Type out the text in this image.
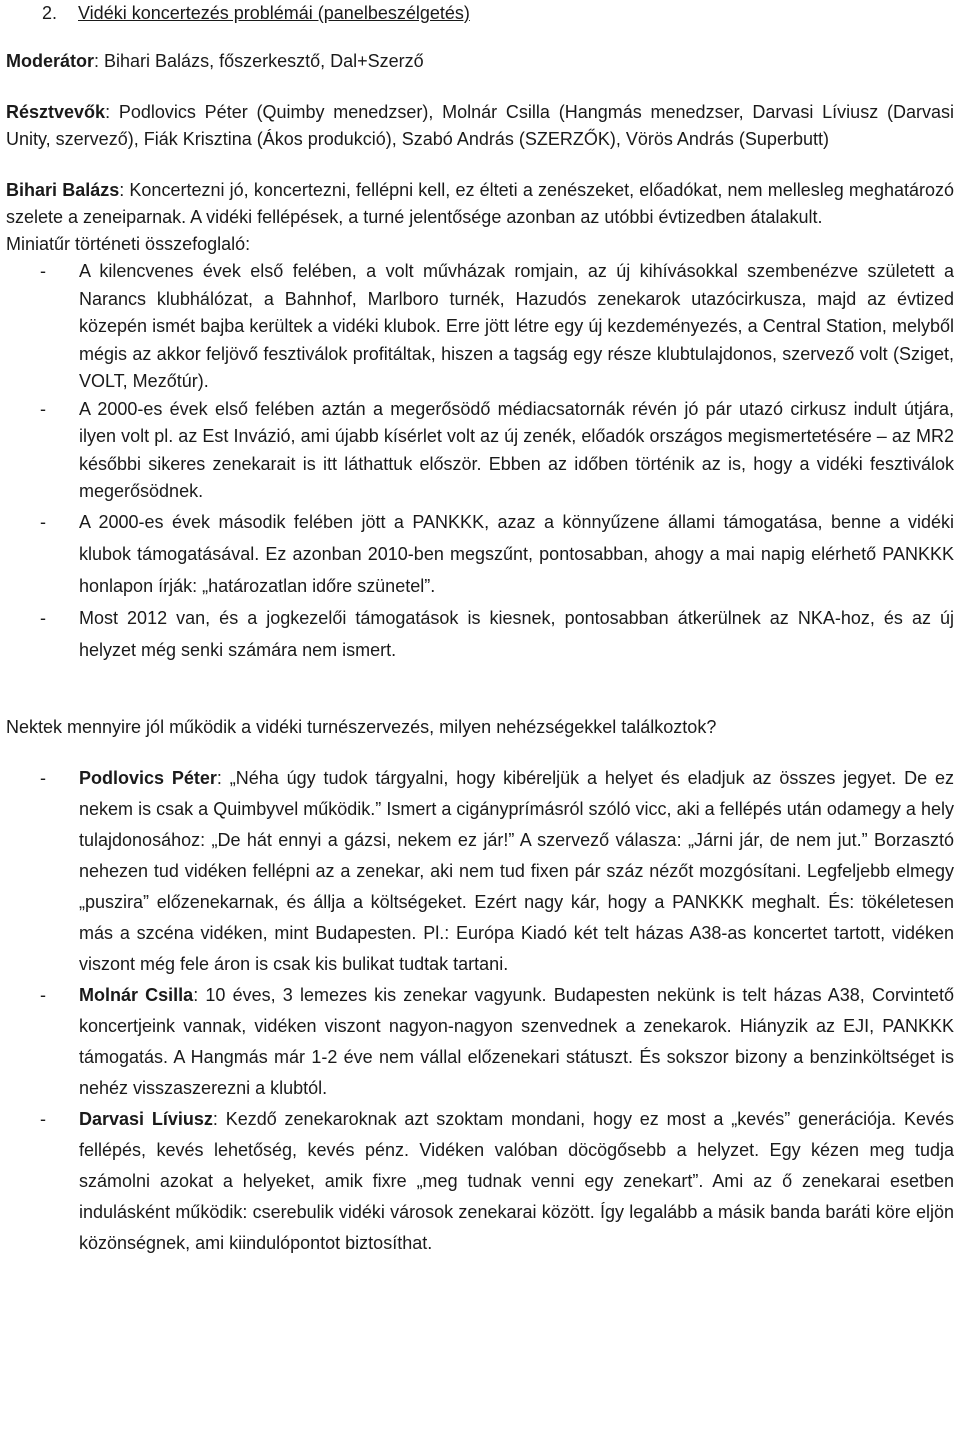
2. Vidéki koncertezés problémái (panelbeszélgetés)

Moderátor: Bihari Balázs, főszerkesztő, Dal+Szerző

Résztvevők: Podlovics Péter (Quimby menedzser), Molnár Csilla (Hangmás menedzser, Darvasi Líviusz (Darvasi Unity, szervező), Fiák Krisztina (Ákos produkció), Szabó András (SZERZŐK), Vörös András (Superbutt)

Bihari Balázs: Koncertezni jó, koncertezni, fellépni kell, ez élteti a zenészeket, előadókat, nem mellesleg meghatározó szelete a zeneiparnak. A vidéki fellépések, a turné jelentősége azonban az utóbbi évtizedben átalakult.

Miniatűr történeti összefoglaló:

- A kilencvenes évek első felében, a volt művházak romjain, az új kihívásokkal szembenézve született a Narancs klubhálózat, a Bahnhof, Marlboro turnék, Hazudós zenekarok utazócirkusza, majd az évtized közepén ismét bajba kerültek a vidéki klubok. Erre jött létre egy új kezdeményezés, a Central Station, melyből mégis az akkor feljövő fesztiválok profitáltak, hiszen a tagság egy része klubtulajdonos, szervező volt (Sziget, VOLT, Mezőtúr).
- A 2000-es évek első felében aztán a megerősödő médiacsatornák révén jó pár utazó cirkusz indult útjára, ilyen volt pl. az Est Invázió, ami újabb kísérlet volt az új zenék, előadók országos megismertetésére – az MR2 későbbi sikeres zenekarait is itt láthattuk először. Ebben az időben történik az is, hogy a vidéki fesztiválok megerősödnek.
- A 2000-es évek második felében jött a PANKKK, azaz a könnyűzene állami támogatása, benne a vidéki klubok támogatásával. Ez azonban 2010-ben megszűnt, pontosabban, ahogy a mai napig elérhető PANKKK honlapon írják: „határozatlan időre szünetel”.
- Most 2012 van, és a jogkezelői támogatások is kiesnek, pontosabban átkerülnek az NKA-hoz, és az új helyzet még senki számára nem ismert.

Nektek mennyire jól működik a vidéki turnészervezés, milyen nehézségekkel találkoztok?

- Podlovics Péter: „Néha úgy tudok tárgyalni, hogy kibéreljük a helyet és eladjuk az összes jegyet. De ez nekem is csak a Quimbyvel működik.” Ismert a cigányprímásról szóló vicc, aki a fellépés után odamegy a hely tulajdonosához: „De hát ennyi a gázsi, nekem ez jár!” A szervező válasza: „Járni jár, de nem jut.” Borzasztó nehezen tud vidéken fellépni az a zenekar, aki nem tud fixen pár száz nézőt mozgósítani. Legfeljebb elmegy „puszira” előzenekarnak, és állja a költségeket. Ezért nagy kár, hogy a PANKKK meghalt. És: tökéletesen más a szcéna vidéken, mint Budapesten. Pl.: Európa Kiadó két telt házas A38-as koncertet tartott, vidéken viszont még fele áron is csak kis bulikat tudtak tartani.
- Molnár Csilla: 10 éves, 3 lemezes kis zenekar vagyunk. Budapesten nekünk is telt házas A38, Corvintető koncertjeink vannak, vidéken viszont nagyon-nagyon szenvednek a zenekarok. Hiányzik az EJI, PANKKK támogatás. A Hangmás már 1-2 éve nem vállal előzenekari státuszt. És sokszor bizony a benzinköltséget is nehéz visszaszerezni a klubtól.
- Darvasi Líviusz: Kezdő zenekaroknak azt szoktam mondani, hogy ez most a „kevés” generációja. Kevés fellépés, kevés lehetőség, kevés pénz. Vidéken valóban döcögősebb a helyzet. Egy kézen meg tudja számolni azokat a helyeket, amik fixre „meg tudnak venni egy zenekart”. Ami az ő zenekarai esetben indulásként működik: cserebulik vidéki városok zenekarai között. Így legalább a másik banda baráti köre eljön közönségnek, ami kiindulópontot biztosíthat.
